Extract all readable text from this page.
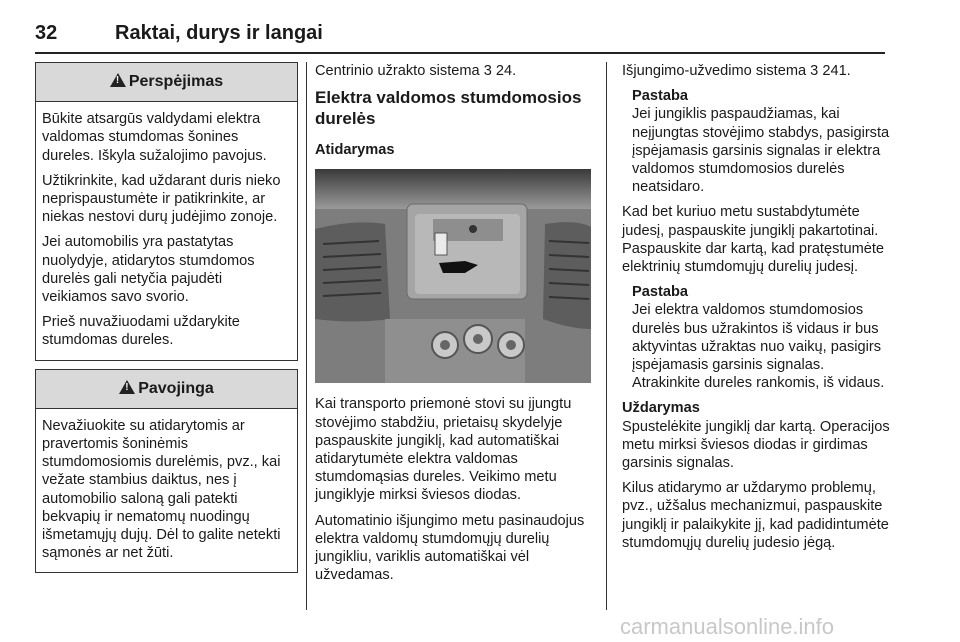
32	Raktai, durys ir langai
!Perspėjimas

Būkite atsargūs valdydami elektra valdomas stumdomas šonines dureles. Iškyla sužalojimo pavojus.

Užtikrinkite, kad uždarant duris nieko neprispaustumėte ir patikrinkite, ar niekas nestovi durų judėjimo zonoje.

Jei automobilis yra pastatytas nuolydyje, atidarytos stumdomos durelės gali netyčia pajudėti veikiamos savo svorio.

Prieš nuvažiuodami uždarykite stumdomas dureles.

!Pavojinga

Nevažiuokite su atidarytomis ar pravertomis šoninėmis stumdomosiomis durelėmis, pvz., kai vežate stambius daiktus, nes į automobilio saloną gali patekti bekvapių ir nematomų nuodingų išmetamųjų dujų. Dėl to galite netekti sąmonės ar net žūti.

Centrinio užrakto sistema 3 24.

Elektra valdomos stumdomosios durelės
Atidarymas

Kai transporto priemonė stovi su įjungtu stovėjimo stabdžiu, prietaisų skydelyje paspauskite jungiklį, kad automatiškai atidarytumėte elektra valdomas stumdomąsias dureles. Veikimo metu jungiklyje mirksi šviesos diodas.

Automatinio išjungimo metu pasinaudojus elektra valdomų stumdomųjų durelių jungikliu, variklis automatiškai vėl užvedamas.

Išjungimo-užvedimo sistema 3 241.

Pastaba

Jei jungiklis paspaudžiamas, kai neįjungtas stovėjimo stabdys, pasigirsta įspėjamasis garsinis signalas ir elektra valdomos stumdomosios durelės neatsidaro.

Kad bet kuriuo metu sustabdytumėte judesį, paspauskite jungiklį pakartotinai. Paspauskite dar kartą, kad pratęstumėte elektrinių stumdomųjų durelių judesį.

Pastaba

Jei elektra valdomos stumdomosios durelės bus užrakintos iš vidaus ir bus aktyvintas užraktas nuo vaikų, pasigirs įspėjamasis garsinis signalas. Atrakinkite dureles rankomis, iš vidaus.

Uždarymas

Spustelėkite jungiklį dar kartą. Operacijos metu mirksi šviesos diodas ir girdimas garsinis signalas.

Kilus atidarymo ar uždarymo problemų, pvz., užšalus mechanizmui, paspauskite jungiklį ir palaikykite jį, kad padidintumėte stumdomųjų durelių judesio jėgą.

carmanualsonline.info
